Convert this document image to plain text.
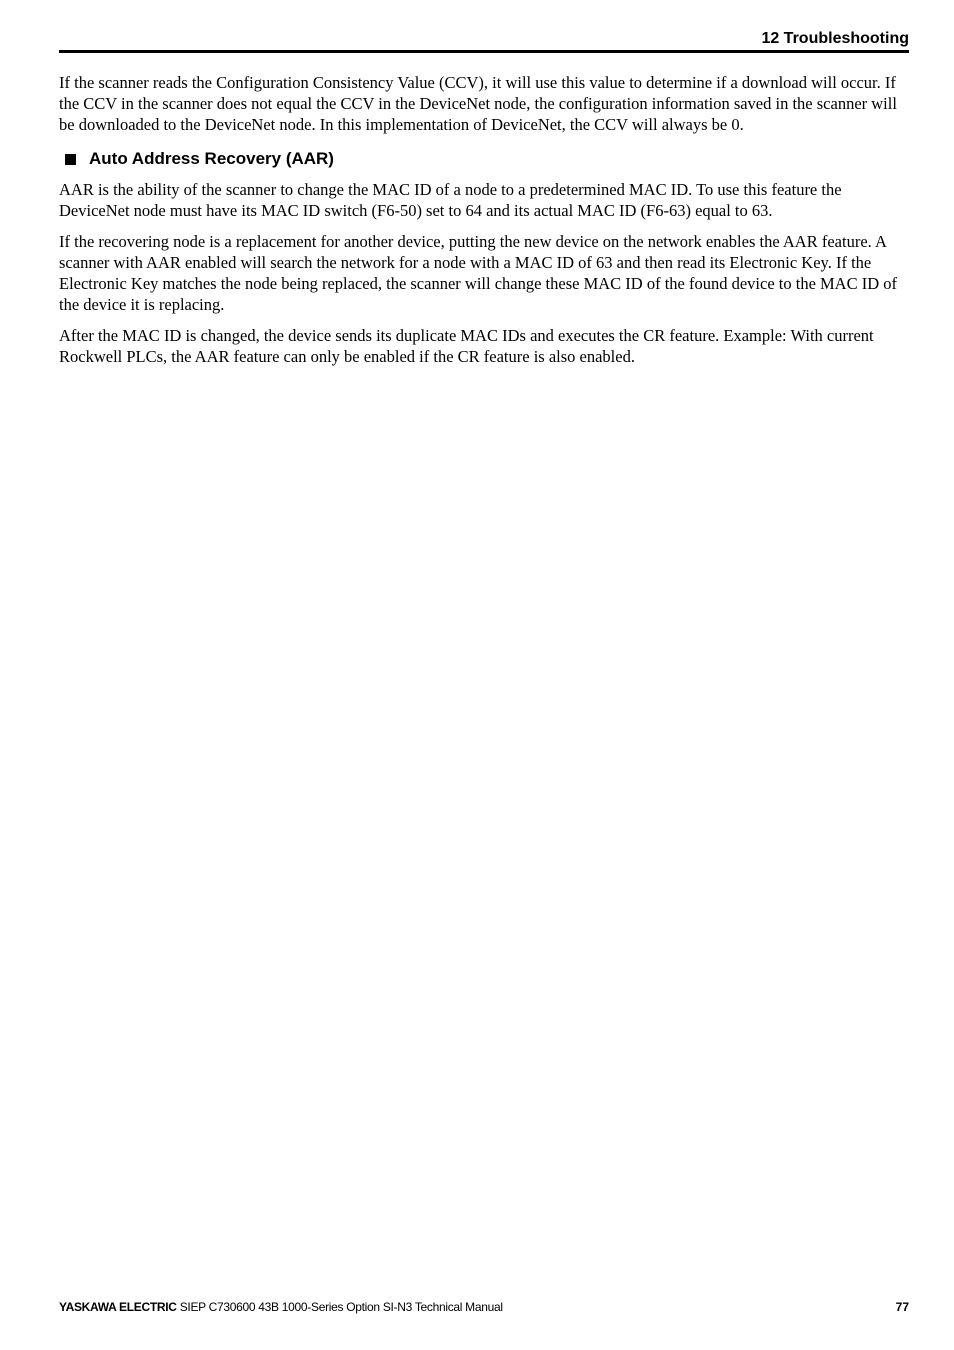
12 Troubleshooting

If the scanner reads the Configuration Consistency Value (CCV), it will use this value to determine if a download will occur. If the CCV in the scanner does not equal the CCV in the DeviceNet node, the configuration information saved in the scanner will be downloaded to the DeviceNet node. In this implementation of DeviceNet, the CCV will always be 0.

Auto Address Recovery (AAR)

AAR is the ability of the scanner to change the MAC ID of a node to a predetermined MAC ID. To use this feature the DeviceNet node must have its MAC ID switch (F6-50) set to 64 and its actual MAC ID (F6-63) equal to 63.

If the recovering node is a replacement for another device, putting the new device on the network enables the AAR feature. A scanner with AAR enabled will search the network for a node with a MAC ID of 63 and then read its Electronic Key. If the Electronic Key matches the node being replaced, the scanner will change these MAC ID of the found device to the MAC ID of the device it is replacing.

After the MAC ID is changed, the device sends its duplicate MAC IDs and executes the CR feature. Example: With current Rockwell PLCs, the AAR feature can only be enabled if the CR feature is also enabled.

YASKAWA ELECTRIC SIEP C730600 43B 1000-Series Option SI-N3 Technical Manual	77
